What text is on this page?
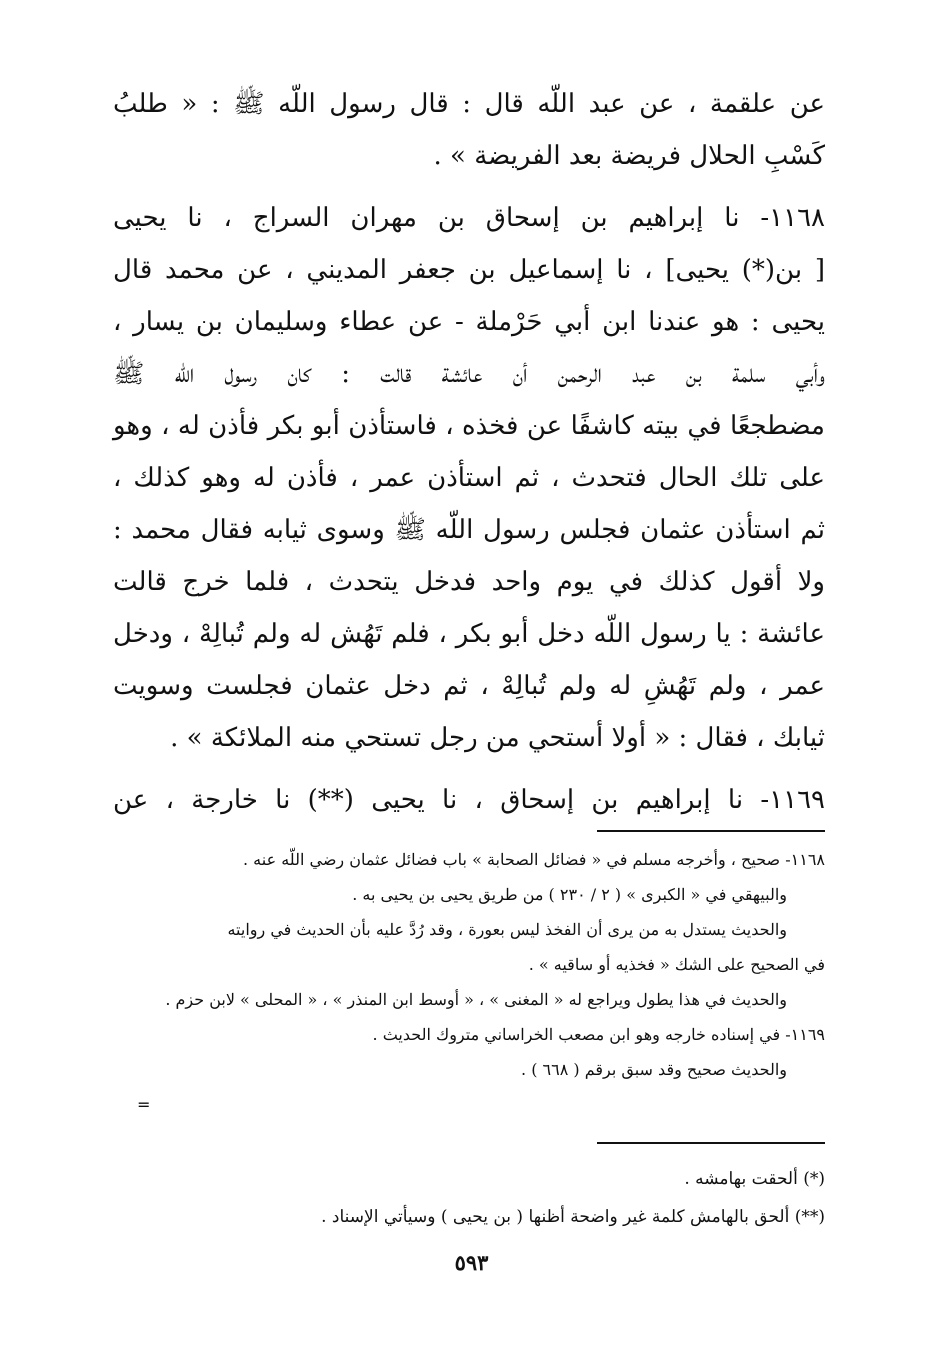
عن علقمة ، عن عبد اللّه قال : قال رسول اللّه ﷺ : « طلبُ
كَسْبِ الحلال فريضة بعد الفريضة » .
١١٦٨- نا إبراهيم بن إسحاق بن مهران السراج ، نا يحيى
[ بن(*) يحيى] ، نا إسماعيل بن جعفر المديني ، عن محمد قال
يحيى : هو عندنا ابن أبي حَرْملة - عن عطاء وسليمان بن يسار ،
وأبي سلمة بن عبد الرحمن أن عائشة قالت : كان رسول اللّه ﷺ
مضطجعًا في بيته كاشفًا عن فخذه ، فاستأذن أبو بكر فأذن له ، وهو
على تلك الحال فتحدث ، ثم استأذن عمر ، فأذن له وهو كذلك ،
ثم استأذن عثمان فجلس رسول اللّه ﷺ وسوى ثيابه فقال محمد :
ولا أقول كذلك في يوم واحد فدخل يتحدث ، فلما خرج قالت
عائشة : يا رسول اللّه دخل أبو بكر ، فلم تَهُش له ولم تُبالِهْ ، ودخل
عمر ، ولم تَهُشِ له ولم تُبالِهْ ، ثم دخل عثمان فجلست وسويت
ثيابك ، فقال : « أولا أستحي من رجل تستحي منه الملائكة » .
١١٦٩- نا إبراهيم بن إسحاق ، نا يحيى (**) نا خارجة ، عن
١١٦٨- صحيح ، وأخرجه مسلم في « فضائل الصحابة » باب فضائل عثمان رضي اللّه عنه .
والبيهقي في « الكبرى » ( ٢ / ٢٣٠ ) من طريق يحيى بن يحيى به .
والحديث يستدل به من يرى أن الفخذ ليس بعورة ، وقد رُدَّ عليه بأن الحديث في روايته
في الصحيح على الشك « فخذيه أو ساقيه » .
والحديث في هذا يطول ويراجع له « المغنى » ، « أوسط ابن المنذر » ، « المحلى » لابن حزم .
١١٦٩- في إسناده خارجه وهو ابن مصعب الخراساني متروك الحديث .
والحديث صحيح وقد سبق برقم ( ٦٦٨ ) .
=
(*) ألحقت بهامشه .
(**) ألحق بالهامش كلمة غير واضحة أظنها ( بن يحيى ) وسيأتي الإسناد .
٥٩٣
